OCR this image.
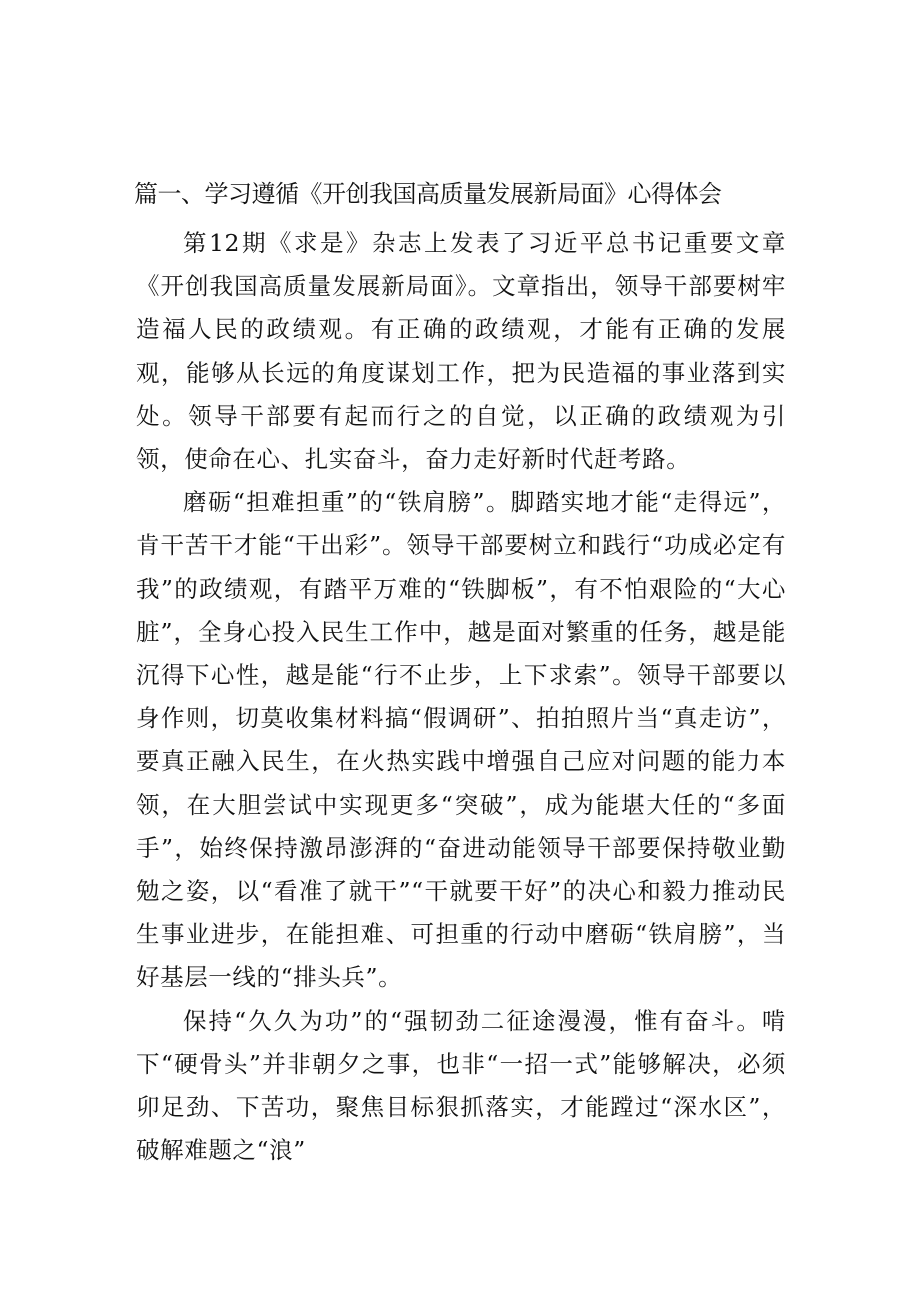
篇一、学习遵循《开创我国高质量发展新局面》心得体会

第12期《求是》杂志上发表了习近平总书记重要文章《开创我国高质量发展新局面》。文章指出，领导干部要树牢造福人民的政绩观。有正确的政绩观，才能有正确的发展观，能够从长远的角度谋划工作，把为民造福的事业落到实处。领导干部要有起而行之的自觉，以正确的政绩观为引领，使命在心、扎实奋斗，奋力走好新时代赶考路。

磨砺“担难担重”的“铁肩膀”。脚踏实地才能“走得远”，肯干苦干才能“干出彩”。领导干部要树立和践行“功成必定有我”的政绩观，有踏平万难的“铁脚板”，有不怕艰险的“大心脏”，全身心投入民生工作中，越是面对繁重的任务，越是能沉得下心性，越是能“行不止步，上下求索”。领导干部要以身作则，切莫收集材料搞“假调研”、拍拍照片当“真走访”，要真正融入民生，在火热实践中增强自己应对问题的能力本领，在大胆尝试中实现更多“突破”，成为能堪大任的“多面手”，始终保持激昂澎湃的“奋进动能领导干部要保持敬业勤勉之姿，以“看准了就干”“干就要干好”的决心和毅力推动民生事业进步，在能担难、可担重的行动中磨砺“铁肩膀”，当好基层一线的“排头兵”。

保持“久久为功”的“强韧劲二征途漫漫，惟有奋斗。啃下“硬骨头”并非朝夕之事，也非“一招一式”能够解决，必须卯足劲、下苦功，聚焦目标狠抓落实，才能蹚过“深水区”，破解难题之“浪”
